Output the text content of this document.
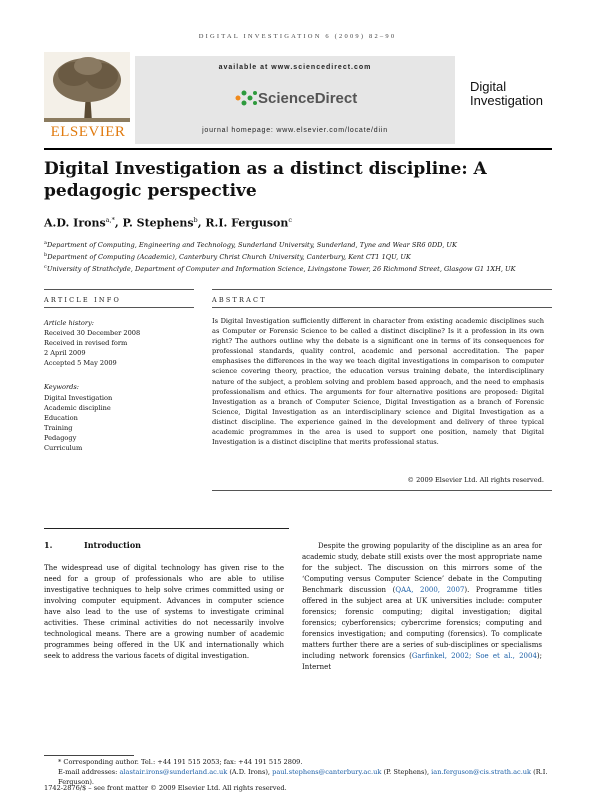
DIGITAL INVESTIGATION 6 (2009) 82–90
ELSEVIER
available at www.sciencedirect.com
ScienceDirect
journal homepage: www.elsevier.com/locate/diin
Digital
Investigation
Digital Investigation as a distinct discipline: A pedagogic perspective
A.D. Irons$^{a,*}$, P. Stephens$^b$, R.I. Ferguson$^c$
$^a$Department of Computing, Engineering and Technology, Sunderland University, Sunderland, Tyne and Wear SR6 0DD, UK
$^b$Department of Computing (Academic), Canterbury Christ Church University, Canterbury, Kent CT1 1QU, UK
$^c$University of Strathclyde, Department of Computer and Information Science, Livingstone Tower, 26 Richmond Street, Glasgow G1 1XH, UK
ARTICLE INFO
Article history:
Received 30 December 2008
Received in revised form
2 April 2009
Accepted 5 May 2009
Keywords:
Digital Investigation
Academic discipline
Education
Training
Pedagogy
Curriculum
ABSTRACT
Is Digital Investigation sufficiently different in character from existing academic disciplines such as Computer or Forensic Science to be called a distinct discipline? Is it a profession in its own right? The authors outline why the debate is a significant one in terms of its consequences for professional standards, quality control, academic and personal accreditation. The paper emphasises the differences in the way we teach digital investigations in comparison to computer science covering theory, practice, the education versus training debate, the interdisciplinary nature of the subject, a problem solving and problem based approach, and the need to emphasis professionalism and ethics. The arguments for four alternative positions are proposed: Digital Investigation as a branch of Computer Science, Digital Investigation as a branch of Forensic Science, Digital Investigation as an interdisciplinary science and Digital Investigation as a distinct discipline. The experience gained in the development and delivery of three typical academic programmes in the area is used to support one position, namely that Digital Investigation is a distinct discipline that merits professional status.
© 2009 Elsevier Ltd. All rights reserved.
1.	Introduction
The widespread use of digital technology has given rise to the need for a group of professionals who are able to utilise investigative techniques to help solve crimes committed using or involving computer equipment. Advances in computer science have also lead to the use of systems to investigate criminal activities. These criminal activities do not necessarily involve technological means. There are a growing number of academic programmes being offered in the UK and internationally which seek to address the various facets of digital investigation.
Despite the growing popularity of the discipline as an area for academic study, debate still exists over the most appropriate name for the subject. The discussion on this mirrors some of the ‘Computing versus Computer Science’ debate in the Computing Benchmark discussion (QAA, 2000, 2007). Programme titles offered in the subject area at UK universities include: computer forensics; forensic computing; digital investigation; digital forensics; cyberforensics; cybercrime forensics; computing and forensics investigation; and computing (forensics). To complicate matters further there are a series of sub-disciplines or specialisms including network forensics (Garfinkel, 2002; Soe et al., 2004); Internet
* Corresponding author. Tel.: +44 191 515 2053; fax: +44 191 515 2809.
E-mail addresses: alastair.irons@sunderland.ac.uk (A.D. Irons), paul.stephens@canterbury.ac.uk (P. Stephens), ian.ferguson@cis.strath.ac.uk (R.I. Ferguson).
1742-2876/$ – see front matter © 2009 Elsevier Ltd. All rights reserved.
